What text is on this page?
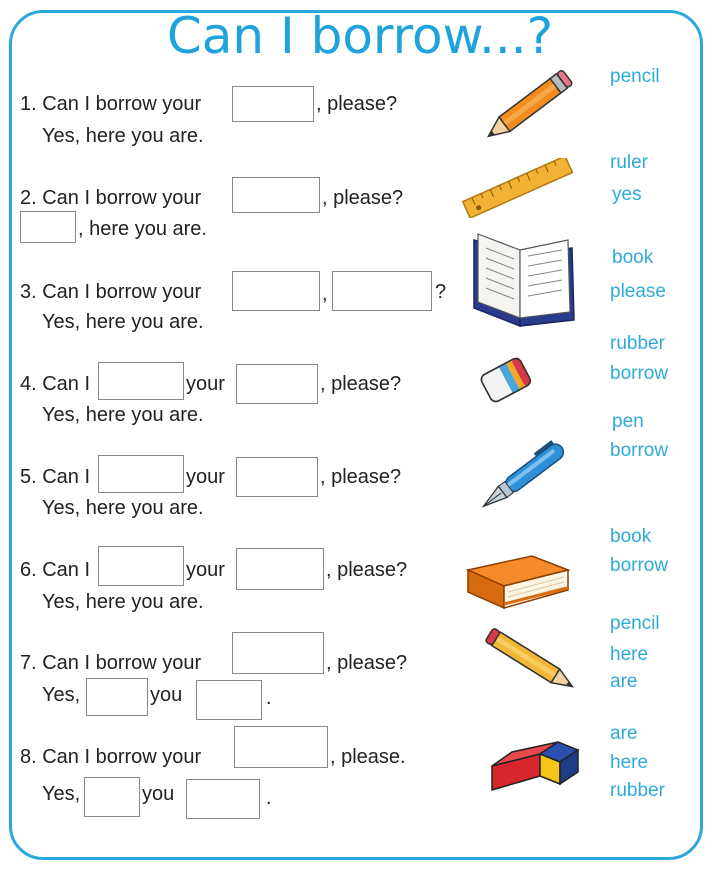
Can I borrow...?
1. Can I borrow your	, please?
Yes, here you are.
2. Can I borrow your	, please?
, here you are.
3. Can I borrow your	,	?
Yes, here you are.
4. Can I	your	, please?
Yes, here you are.
5. Can I	your	, please?
Yes, here you are.
6. Can I	your	, please?
Yes, here you are.
7. Can I borrow your	, please?
Yes,	you	.
8. Can I borrow your	, please.
Yes,	you	.
pencil
ruler
yes
book
please
rubber
borrow
pen
borrow
book
borrow
pencil
here
are
are
here
rubber
